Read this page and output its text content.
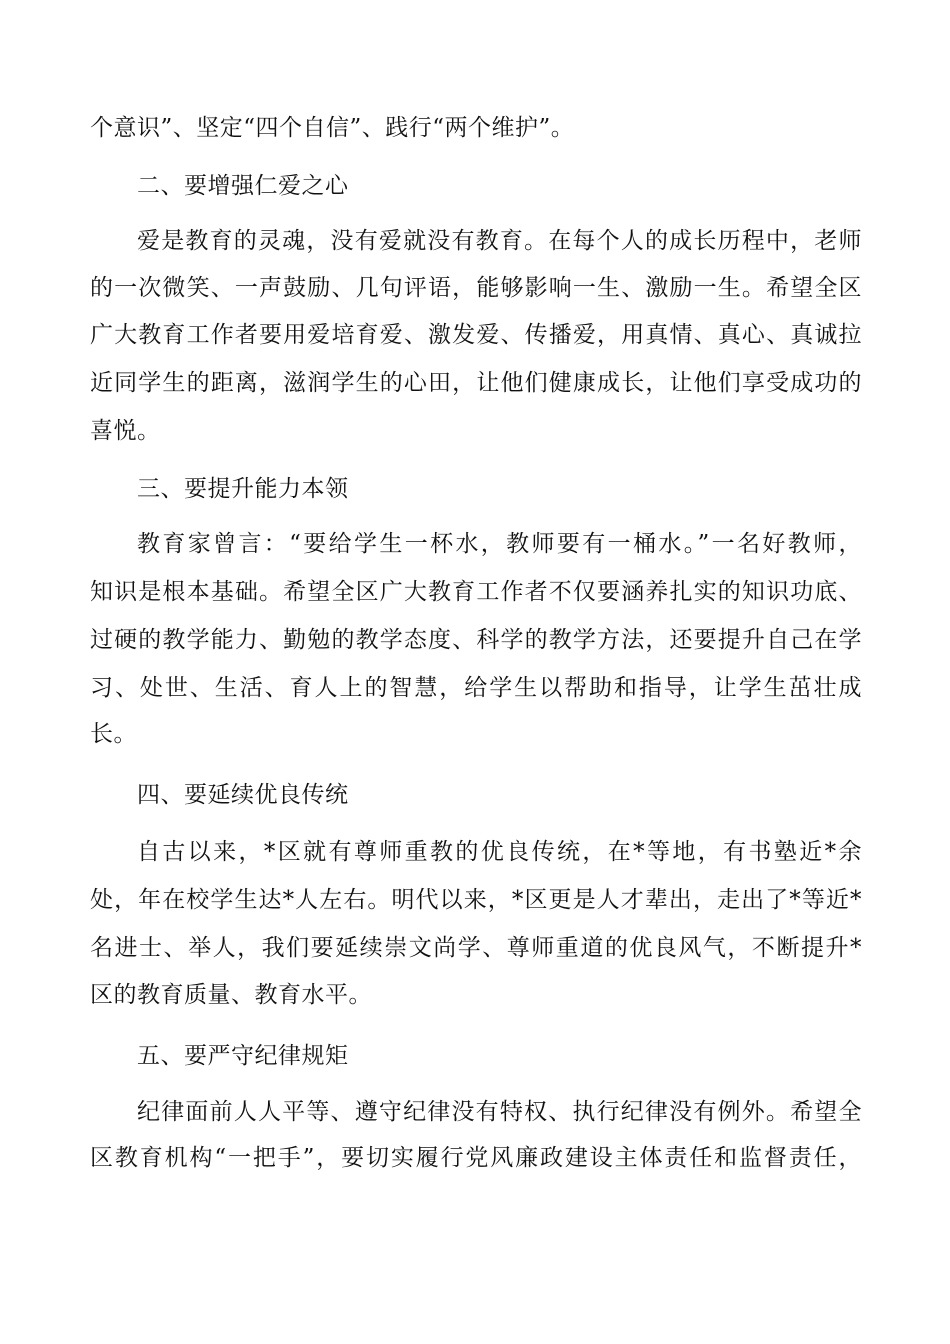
个意识”、坚定“四个自信”、践行“两个维护”。
二、要增强仁爱之心
爱是教育的灵魂，没有爱就没有教育。在每个人的成长历程中，老师
的一次微笑、一声鼓励、几句评语，能够影响一生、激励一生。希望全区
广大教育工作者要用爱培育爱、激发爱、传播爱，用真情、真心、真诚拉
近同学生的距离，滋润学生的心田，让他们健康成长，让他们享受成功的
喜悦。
三、要提升能力本领
教育家曾言：“要给学生一杯水，教师要有一桶水。”一名好教师，
知识是根本基础。希望全区广大教育工作者不仅要涵养扎实的知识功底、
过硬的教学能力、勤勉的教学态度、科学的教学方法，还要提升自己在学
习、处世、生活、育人上的智慧，给学生以帮助和指导，让学生茁壮成
长。
四、要延续优良传统
自古以来，*区就有尊师重教的优良传统，在*等地，有书塾近*余
处，年在校学生达*人左右。明代以来，*区更是人才辈出，走出了*等近*
名进士、举人，我们要延续崇文尚学、尊师重道的优良风气，不断提升*
区的教育质量、教育水平。
五、要严守纪律规矩
纪律面前人人平等、遵守纪律没有特权、执行纪律没有例外。希望全
区教育机构“一把手”，要切实履行党风廉政建设主体责任和监督责任，
